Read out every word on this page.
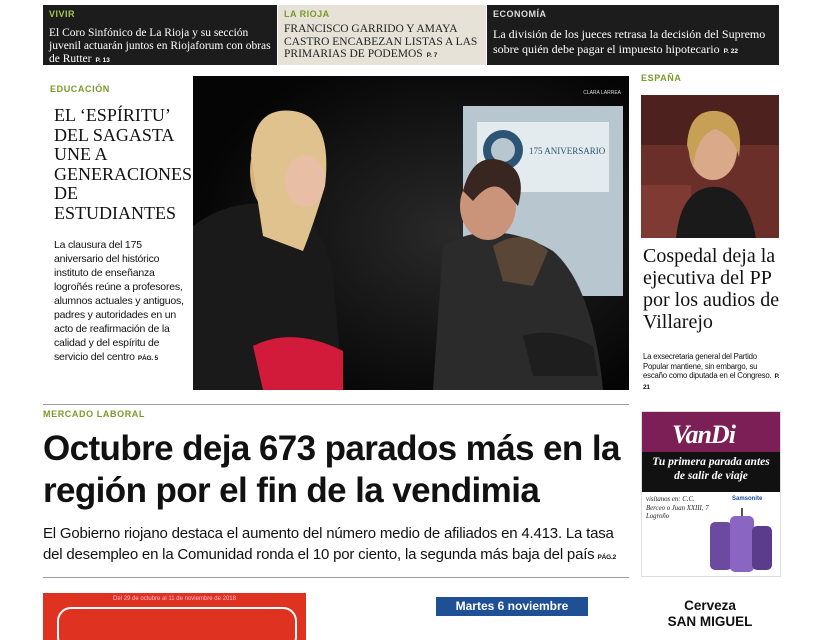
VIVIR
El Coro Sinfónico de La Rioja y su sección juvenil actuarán juntos en Riojaforum con obras de Rutter P. 13
LA RIOJA
FRANCISCO GARRIDO Y AMAYA CASTRO ENCABEZAN LISTAS A LAS PRIMARIAS DE PODEMOS P. 7
ECONOMÍA
La división de los jueces retrasa la decisión del Supremo sobre quién debe pagar el impuesto hipotecario P. 22
EDUCACIÓN
EL ‘ESPÍRITU’ DEL SAGASTA UNE A GENERACIONES DE ESTUDIANTES
La clausura del 175 aniversario del histórico instituto de enseñanza logroñés reúne a profesores, alumnos actuales y antiguos, padres y autoridades en un acto de reafirmación de la calidad y del espíritu de servicio del centro PÁG. 5
175 ANIVERSARIO
CLARA LARREA
ESPAÑA
Cospedal deja la ejecutiva del PP por los audios de Villarejo
La exsecretaria general del Partido Popular mantiene, sin embargo, su escaño como diputada en el Congreso. P. 21
MERCADO LABORAL
Octubre deja 673 parados más en la región por el fin de la vendimia
El Gobierno riojano destaca el aumento del número medio de afiliados en 4.413. La tasa del desempleo en la Comunidad ronda el 10 por ciento, la segunda más baja del país PÁG.2
VanDi
Tu primera parada antes de salir de viaje
visítanos en: C.C. Berceo o Juan XXIII, 7 Logroño
Samsonite
Del 29 de octubre al 11 de noviembre de 2018	Martes 6 noviembre	Cerveza
SAN MIGUEL
